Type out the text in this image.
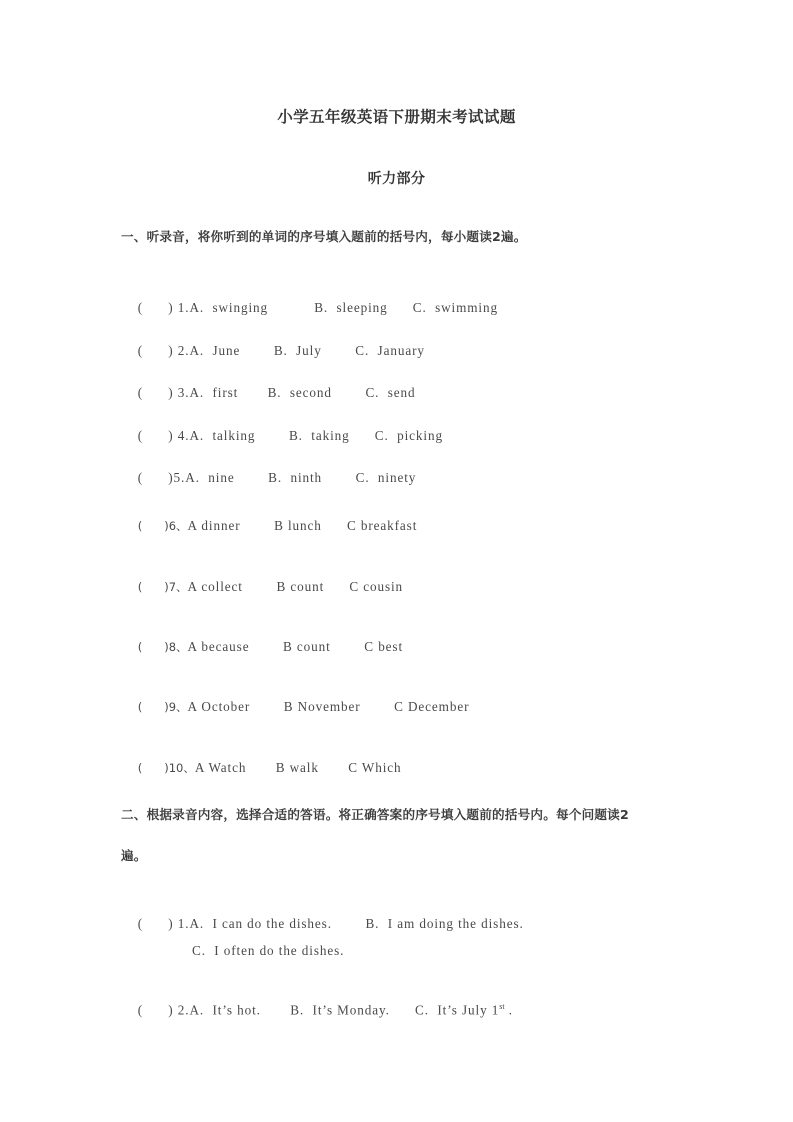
小学五年级英语下册期末考试试题
听力部分
一、听录音，将你听到的单词的序号填入题前的括号内，每小题读2遍。

(      ) 1.A.  swinging           B.  sleeping      C.  swimming

(      ) 2.A.  June        B.  July        C.  January

(      ) 3.A.  first       B.  second        C.  send

(      ) 4.A.  talking        B.  taking      C.  picking

(      )5.A.  nine        B.  ninth        C.  ninety

(      )6、A dinner        B lunch      C breakfast

(      )7、A collect        B count      C cousin

(      )8、A because        B count        C best

(      )9、A October        B November        C December

(      )10、A Watch       B walk       C Which

二、根据录音内容，选择合适的答语。将正确答案的序号填入题前的括号内。每个问题读2
遍。

(      ) 1.A.  I can do the dishes.        B.  I am doing the dishes.

C.  I often do the dishes.

(      ) 2.A.  It’s hot.       B.  It’s Monday.      C.  It’s July 1st .
